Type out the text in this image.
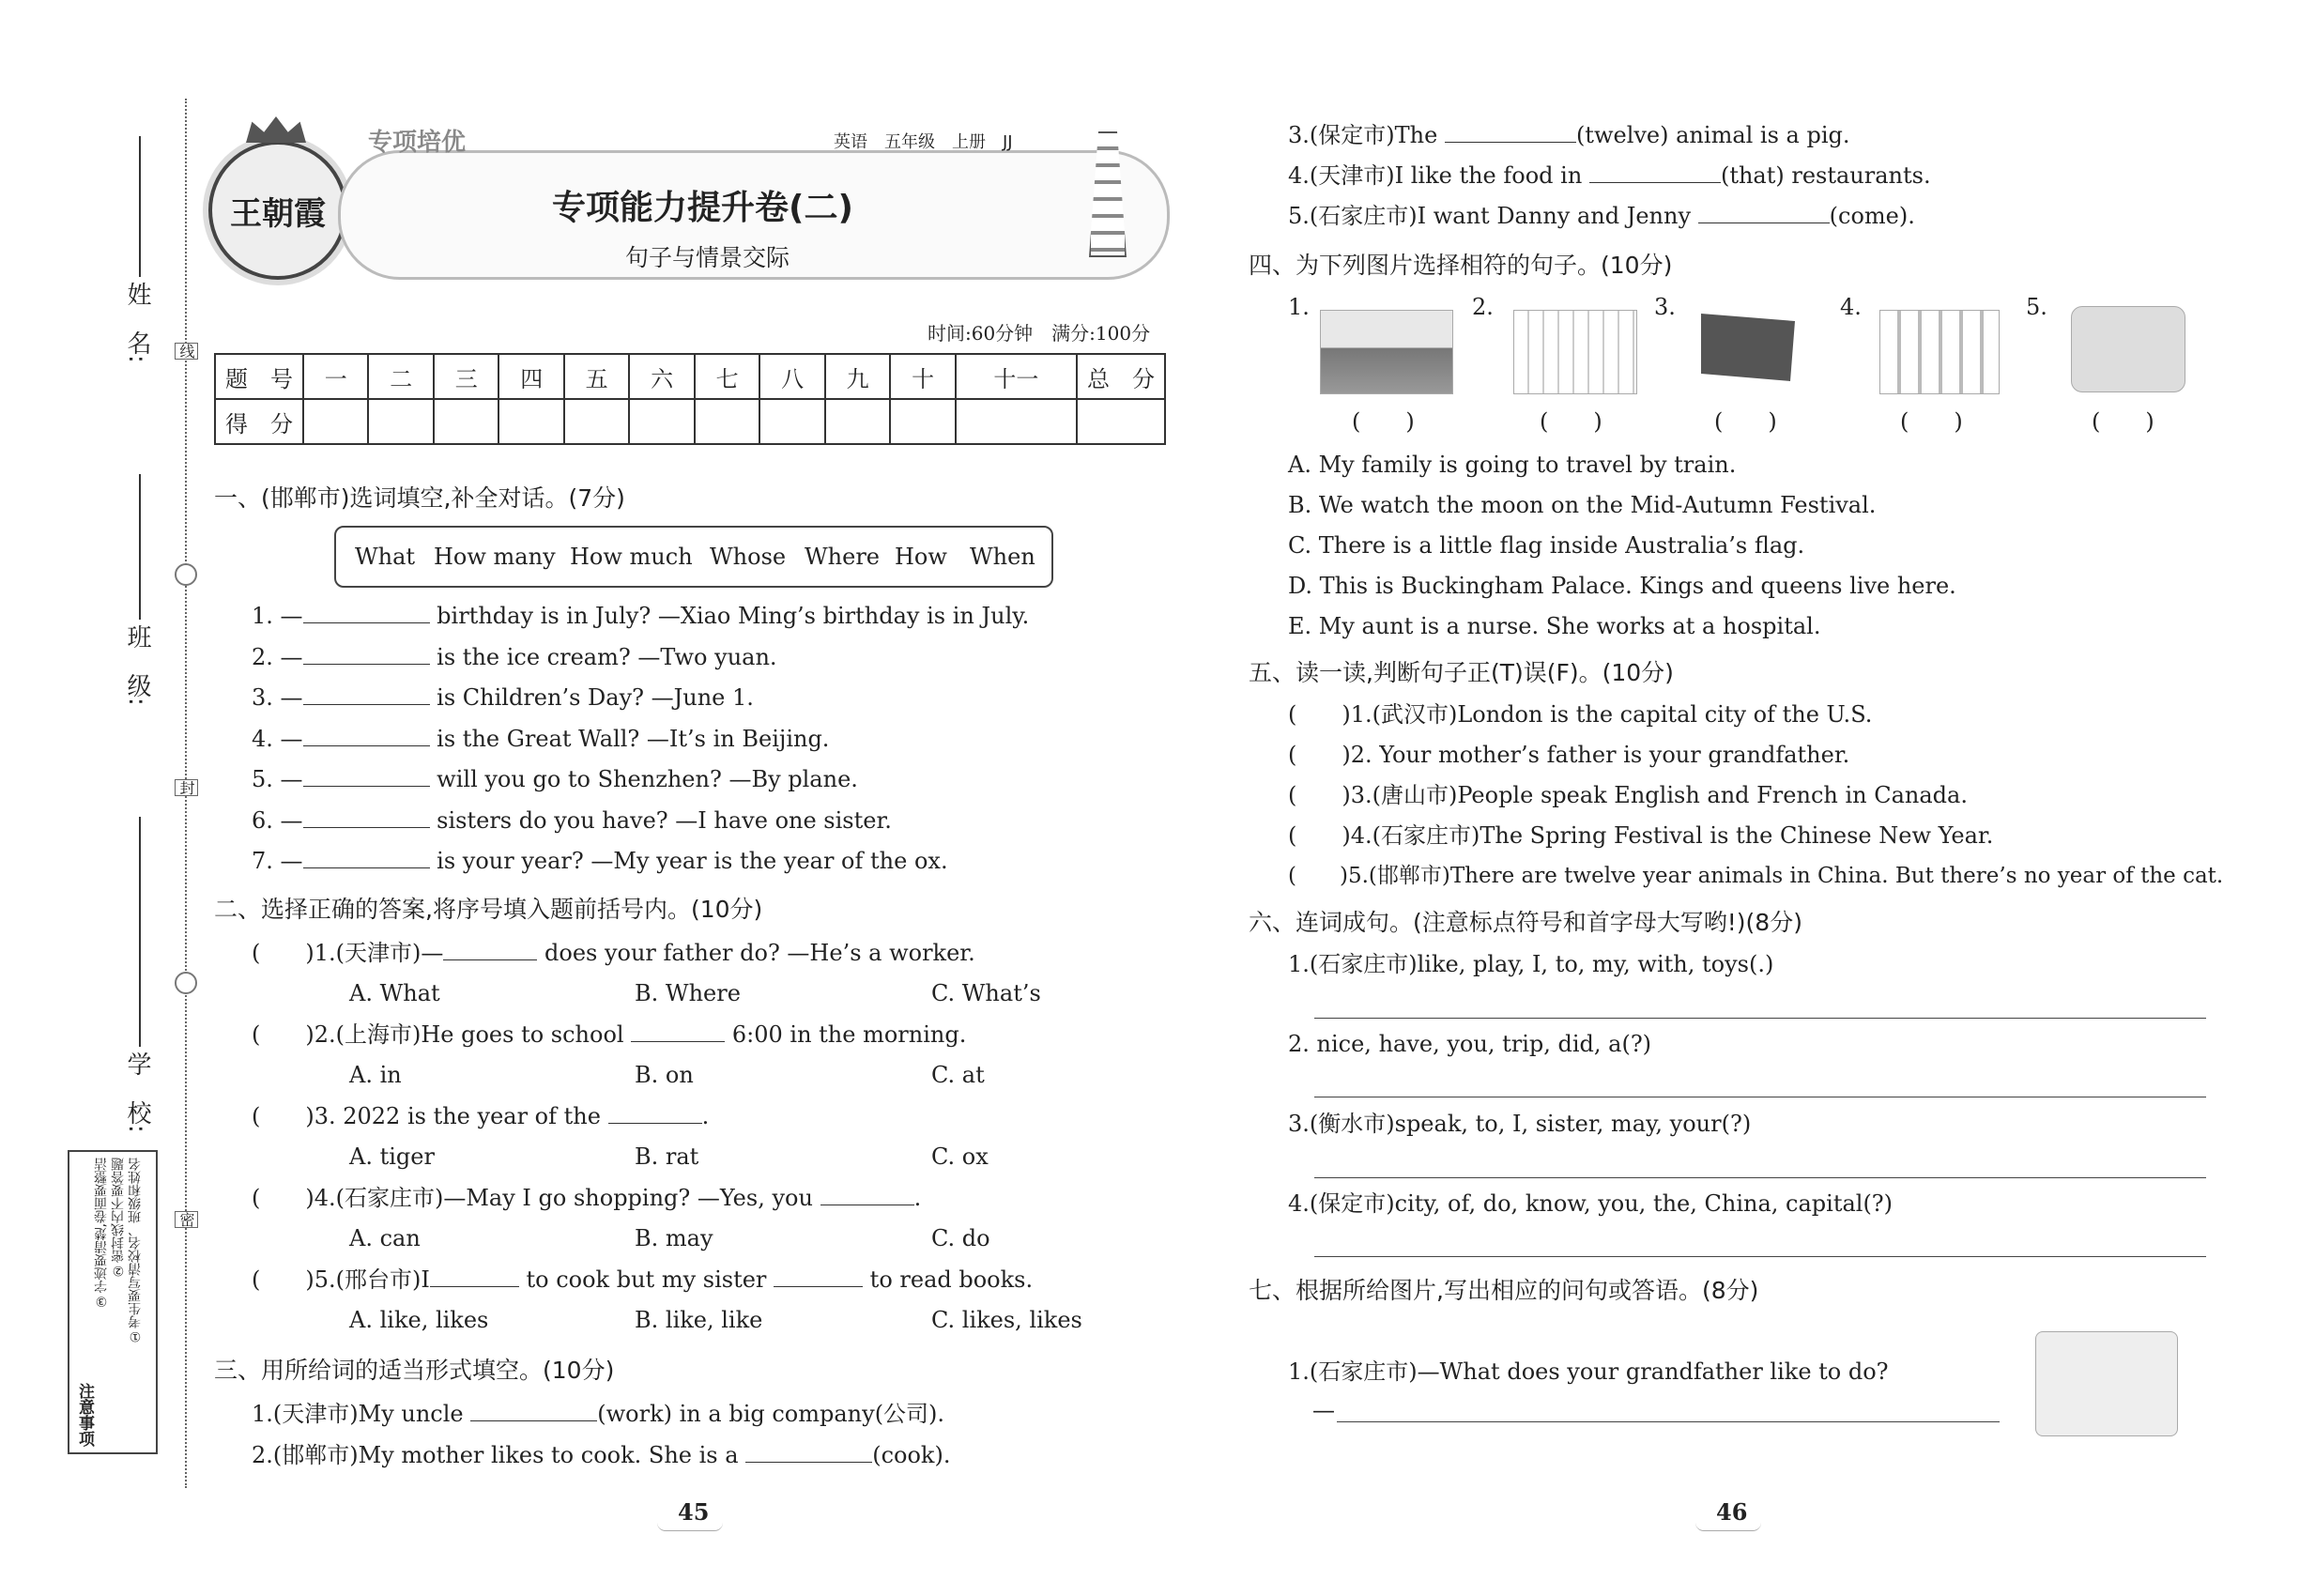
姓　名:
班　级:
学　校:
线
封
密
注意事项
①考生要写清校名、班级和姓名
②密封线内不要答题
③字迹要清楚,卷面要整洁
王朝霞
专项培优	英语　五年级　上册　JJ
专项能力提升卷(二)
句子与情景交际
时间:60分钟　满分:100分
题　号	一	二	三	四	五	六	七	八	九	十	十一	总　分
得　分												
一、(邯郸市)选词填空,补全对话。(7分)
What How many How much Whose Where How When
1. —	birthday is in July? —Xiao Ming’s birthday is in July.
2. —	is the ice cream? —Two yuan.
3. —	is Children’s Day? —June 1.
4. —	is the Great Wall? —It’s in Beijing.
5. —	will you go to Shenzhen? —By plane.
6. —	sisters do you have? —I have one sister.
7. —	is your year? —My year is the year of the ox.
二、选择正确的答案,将序号填入题前括号内。(10分)
(　　)1.(天津市)—	does your father do? —He’s a worker.
A. What	B. Where	C. What’s
(　　)2.(上海市)He goes to school	6:00 in the morning.
A. in	B. on	C. at
(　　)3. 2022 is the year of the	.
A. tiger	B. rat	C. ox
(　　)4.(石家庄市)—May I go shopping? —Yes, you	.
A. can	B. may	C. do
(　　)5.(邢台市)I	to cook but my sister	to read books.
A. like, likes	B. like, like	C. likes, likes
三、用所给词的适当形式填空。(10分)
1.(天津市)My uncle	(work) in a big company(公司).
2.(邯郸市)My mother likes to cook. She is a	(cook).
45
3.(保定市)The	(twelve) animal is a pig.
4.(天津市)I like the food in	(that) restaurants.
5.(石家庄市)I want Danny and Jenny	(come).
四、为下列图片选择相符的句子。(10分)
1.	2.	3.	4.	5.
(　　)	(　　)	(　　)	(　　)	(　　)
A. My family is going to travel by train.
B. We watch the moon on the Mid-Autumn Festival.
C. There is a little flag inside Australia’s flag.
D. This is Buckingham Palace. Kings and queens live here.
E. My aunt is a nurse. She works at a hospital.
五、读一读,判断句子正(T)误(F)。(10分)
(　　)1.(武汉市)London is the capital city of the U.S.
(　　)2. Your mother’s father is your grandfather.
(　　)3.(唐山市)People speak English and French in Canada.
(　　)4.(石家庄市)The Spring Festival is the Chinese New Year.
(　　)5.(邯郸市)There are twelve year animals in China. But there’s no year of the cat.
六、连词成句。(注意标点符号和首字母大写哟!)(8分)
1.(石家庄市)like, play, I, to, my, with, toys(.)
2. nice, have, you, trip, did, a(?)
3.(衡水市)speak, to, I, sister, may, your(?)
4.(保定市)city, of, do, know, you, the, China, capital(?)
七、根据所给图片,写出相应的问句或答语。(8分)
1.(石家庄市)—What does your grandfather like to do?
—
46
